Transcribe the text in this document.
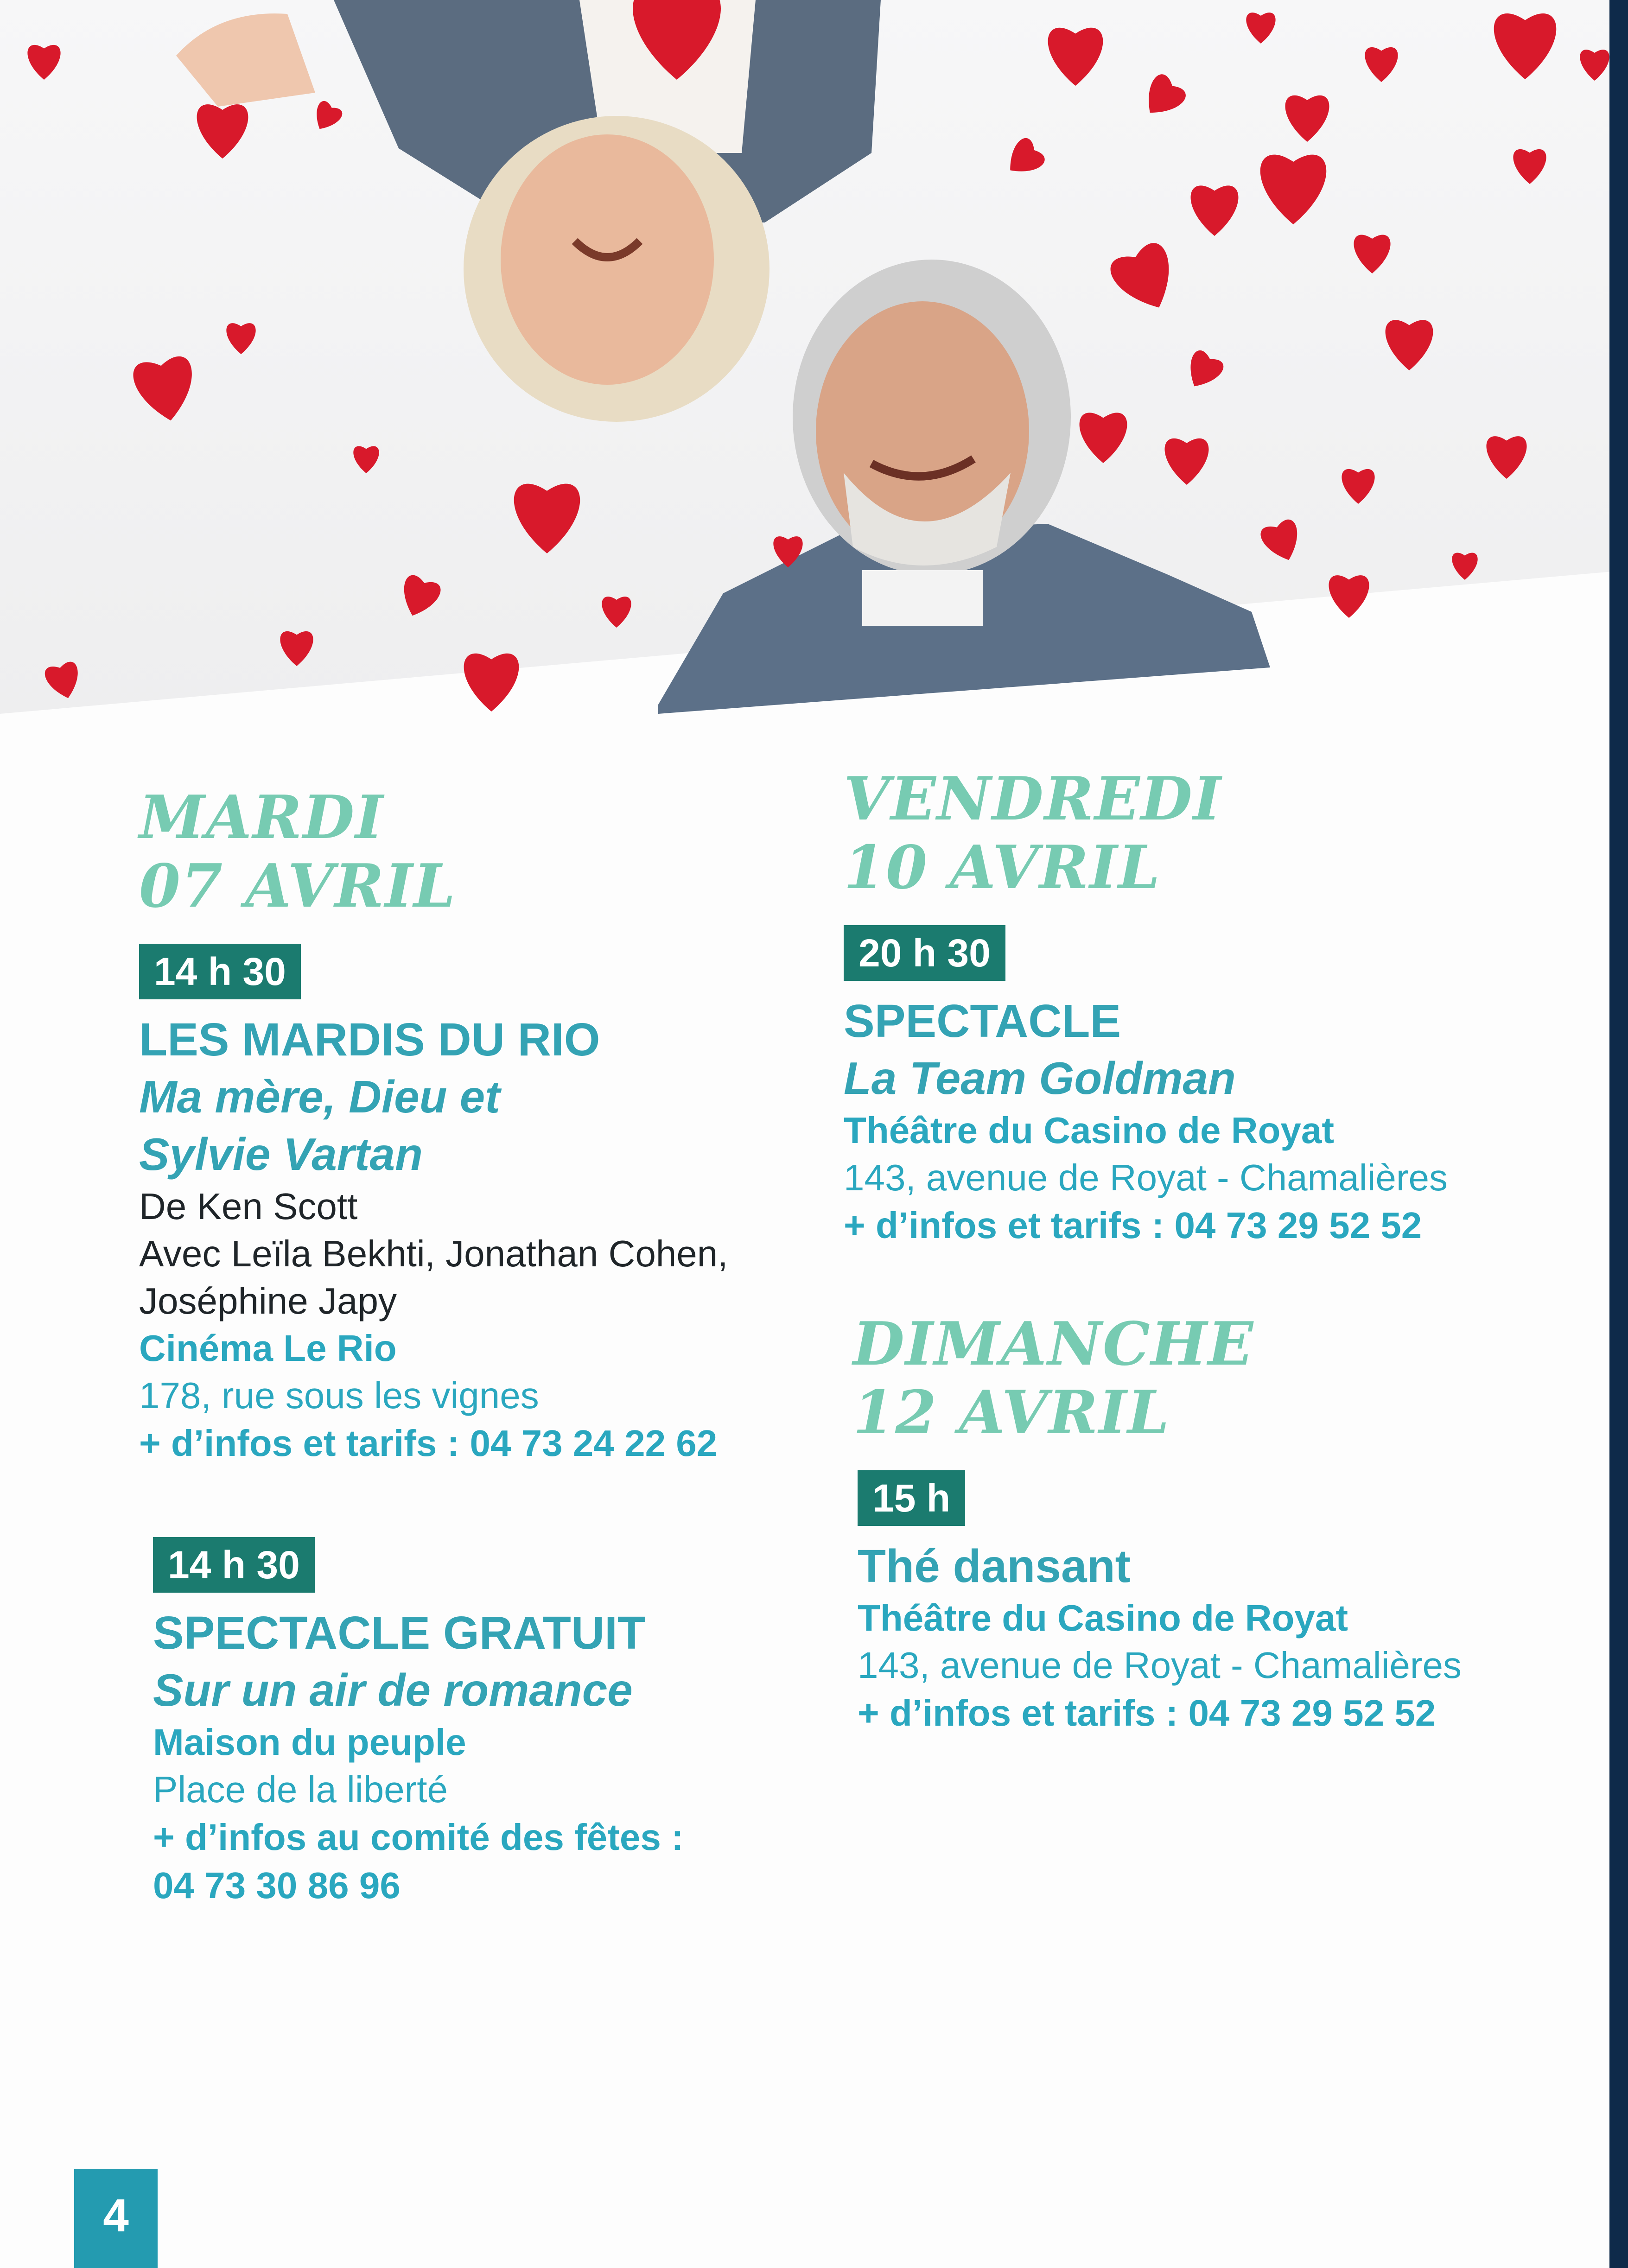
MARDI
07 AVRIL
14 h 30
LES MARDIS DU RIO
Ma mère, Dieu et
Sylvie Vartan
De Ken Scott
Avec Leïla Bekhti, Jonathan Cohen,
Joséphine Japy
Cinéma Le Rio
178, rue sous les vignes
+ d’infos et tarifs : 04 73 24 22 62
14 h 30
SPECTACLE GRATUIT
Sur un air de romance
Maison du peuple
Place de la liberté
+ d’infos au comité des fêtes :
04 73 30 86 96
VENDREDI
10 AVRIL
20 h 30
SPECTACLE
La Team Goldman
Théâtre du Casino de Royat
143, avenue de Royat - Chamalières
+ d’infos et tarifs : 04 73 29 52 52
DIMANCHE
12 AVRIL
15 h
Thé dansant
Théâtre du Casino de Royat
143, avenue de Royat - Chamalières
+ d’infos et tarifs : 04 73 29 52 52
4
